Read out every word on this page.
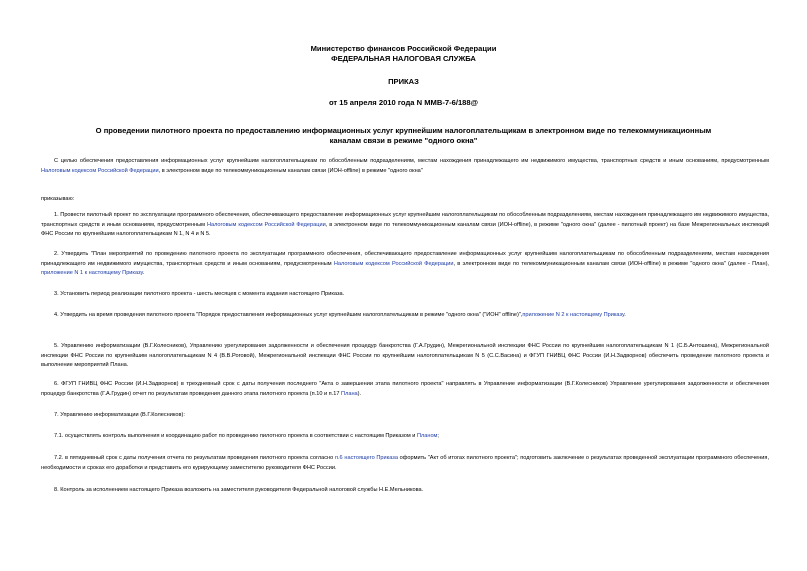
Министерство финансов Российской Федерации
ФЕДЕРАЛЬНАЯ НАЛОГОВАЯ СЛУЖБА
ПРИКАЗ
от 15 апреля 2010 года N ММВ-7-6/188@
О проведении пилотного проекта по предоставлению информационных услуг крупнейшим налогоплательщикам в электронном виде по телекоммуникационным каналам связи в режиме "одного окна"
С целью обеспечения предоставления информационных услуг крупнейшим налогоплательщикам по обособленным подразделениям, местам нахождения принадлежащего им недвижимого имущества, транспортных средств и иным основаниям, предусмотренным Налоговым кодексом Российской Федерации, в электронном виде по телекоммуникационным каналам связи (ИОН-offline) в режиме "одного окна"
приказываю:
1. Провести пилотный проект по эксплуатации программного обеспечения, обеспечивающего предоставление информационных услуг крупнейшим налогоплательщикам по обособленным подразделениям, местам нахождения принадлежащего им недвижимого имущества, транспортных средств и иным основаниям, предусмотренным Налоговым кодексом Российской Федерации, в электронном виде по телекоммуникационным каналам связи (ИОН-offline), в режиме "одного окна" (далее - пилотный проект) на базе Межрегиональных инспекций ФНС России по крупнейшим налогоплательщикам N 1, N 4 и N 5.
2. Утвердить "План мероприятий по проведению пилотного проекта по эксплуатации программного обеспечения, обеспечивающего предоставление информационных услуг крупнейшим налогоплательщикам по обособленным подразделениям, местам нахождения принадлежащего им недвижимого имущества, транспортных средств и иным основаниям, предусмотренным Налоговым кодексом Российской Федерации, в электронном виде по телекоммуникационным каналам связи (ИОН-offline) в режиме "одного окна" (далее - План), приложение N 1 к настоящему Приказу.
3. Установить период реализации пилотного проекта - шесть месяцев с момента издания настоящего Приказа.
4. Утвердить на время проведения пилотного проекта "Порядок предоставления информационных услуг крупнейшим налогоплательщикам в режиме "одного окна" ("ИОН" offline)",приложение N 2 к настоящему Приказу.
5. Управлению информатизации (В.Г.Колесников), Управлению урегулирования задолженности и обеспечения процедур банкротства (Г.А.Грудин), Межрегиональной инспекции ФНС России по крупнейшим налогоплательщикам N 1 (С.Б.Антошина), Межрегиональной инспекции ФНС России по крупнейшим налогоплательщикам N 4 (В.В.Роговой), Межрегиональной инспекции ФНС России по крупнейшим налогоплательщикам N 5 (С.С.Васина) и ФГУП ГНИВЦ ФНС России (И.Н.Задворнов) обеспечить проведение пилотного проекта и выполнение мероприятий Плана.
6. ФГУП ГНИВЦ ФНС России (И.Н.Задворнов) в трехдневный срок с даты получения последнего "Акта о завершении этапа пилотного проекта" направлять в Управление информатизации (В.Г.Колесников) Управление урегулирования задолженности и обеспечения процедур банкротства (Г.А.Грудин) отчет по результатам проведения данного этапа пилотного проекта (п.10 и п.17 Плана).
7. Управлению информатизации (В.Г.Колесников):
7.1. осуществлять контроль выполнения и координацию работ по проведению пилотного проекта в соответствии с настоящим Приказом и Планом;
7.2. в пятидневный срок с даты получения отчета по результатам проведения пилотного проекта согласно п.6 настоящего Приказа оформить "Акт об итогах пилотного проекта"; подготовить заключение о результатах проведенной эксплуатации программного обеспечения, необходимости и сроках его доработки и представить его курирующему заместителю руководителя ФНС России.
8. Контроль за исполнением настоящего Приказа возложить на заместителя руководителя Федеральной налоговой службы Н.Е.Мельникова.
